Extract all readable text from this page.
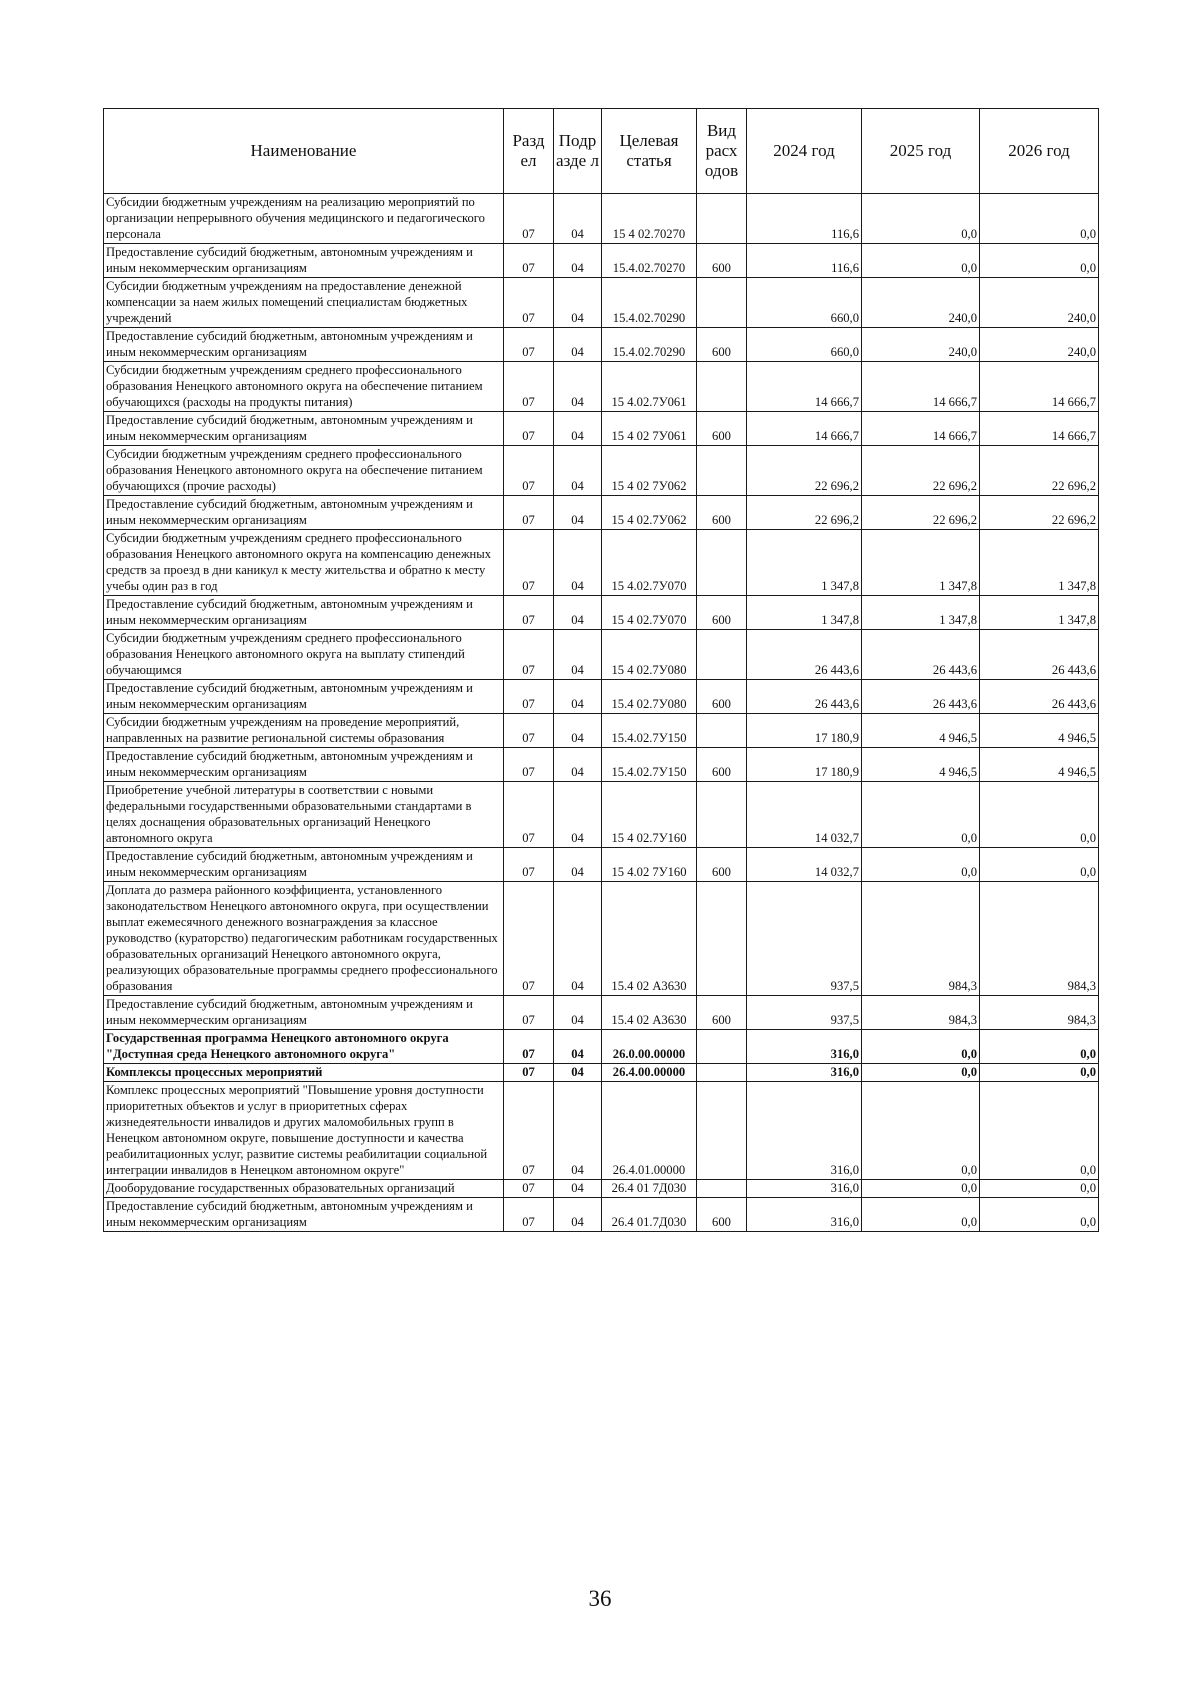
Наименование	Разд ел	Подр азде л	Целевая статья	Вид расх одов	2024 год	2025 год	2026 год
Субсидии бюджетным учреждениям на реализацию мероприятий по организации непрерывного обучения медицинского и педагогического персонала	07	04	15 4 02.70270		116,6	0,0	0,0
Предоставление субсидий бюджетным, автономным учреждениям и иным некоммерческим организациям	07	04	15.4.02.70270	600	116,6	0,0	0,0
Субсидии бюджетным учреждениям на предоставление денежной компенсации за наем жилых помещений специалистам бюджетных учреждений	07	04	15.4.02.70290		660,0	240,0	240,0
Предоставление субсидий бюджетным, автономным учреждениям и иным некоммерческим организациям	07	04	15.4.02.70290	600	660,0	240,0	240,0
Субсидии бюджетным учреждениям среднего профессионального образования Ненецкого автономного округа на обеспечение питанием обучающихся (расходы на продукты питания)	07	04	15 4.02.7У061		14 666,7	14 666,7	14 666,7
Предоставление субсидий бюджетным, автономным учреждениям и иным некоммерческим организациям	07	04	15 4 02 7У061	600	14 666,7	14 666,7	14 666,7
Субсидии бюджетным учреждениям среднего профессионального образования Ненецкого автономного округа на обеспечение питанием обучающихся (прочие расходы)	07	04	15 4 02 7У062		22 696,2	22 696,2	22 696,2
Предоставление субсидий бюджетным, автономным учреждениям и иным некоммерческим организациям	07	04	15 4 02.7У062	600	22 696,2	22 696,2	22 696,2
Субсидии бюджетным учреждениям среднего профессионального образования Ненецкого автономного округа на компенсацию денежных средств за проезд в дни каникул к месту жительства и обратно к месту учебы один раз в год	07	04	15 4.02.7У070		1 347,8	1 347,8	1 347,8
Предоставление субсидий бюджетным, автономным учреждениям и иным некоммерческим организациям	07	04	15 4 02.7У070	600	1 347,8	1 347,8	1 347,8
Субсидии бюджетным учреждениям среднего профессионального образования Ненецкого автономного округа на выплату стипендий обучающимся	07	04	15 4 02.7У080		26 443,6	26 443,6	26 443,6
Предоставление субсидий бюджетным, автономным учреждениям и иным некоммерческим организациям	07	04	15.4 02.7У080	600	26 443,6	26 443,6	26 443,6
Субсидии бюджетным учреждениям на проведение мероприятий, направленных на развитие региональной системы образования	07	04	15.4.02.7У150		17 180,9	4 946,5	4 946,5
Предоставление субсидий бюджетным, автономным учреждениям и иным некоммерческим организациям	07	04	15.4.02.7У150	600	17 180,9	4 946,5	4 946,5
Приобретение учебной литературы в соответствии с новыми федеральными государственными образовательными стандартами в целях доснащения образовательных организаций Ненецкого автономного округа	07	04	15 4 02.7У160		14 032,7	0,0	0,0
Предоставление субсидий бюджетным, автономным учреждениям и иным некоммерческим организациям	07	04	15 4.02 7У160	600	14 032,7	0,0	0,0
Доплата до размера районного коэффициента, установленного законодательством Ненецкого автономного округа, при осуществлении выплат ежемесячного денежного вознаграждения за классное руководство (кураторство) педагогическим работникам государственных образовательных организаций Ненецкого автономного округа, реализующих образовательные программы среднего профессионального образования	07	04	15.4 02 А3630		937,5	984,3	984,3
Предоставление субсидий бюджетным, автономным учреждениям и иным некоммерческим организациям	07	04	15.4 02 А3630	600	937,5	984,3	984,3
Государственная программа Ненецкого автономного округа "Доступная среда Ненецкого автономного округа"	07	04	26.0.00.00000		316,0	0,0	0,0
Комплексы процессных мероприятий	07	04	26.4.00.00000		316,0	0,0	0,0
Комплекс процессных мероприятий "Повышение уровня доступности приоритетных объектов и услуг в приоритетных сферах жизнедеятельности инвалидов и других маломобильных групп в Ненецком автономном округе, повышение доступности и качества реабилитационных услуг, развитие системы реабилитации социальной интеграции инвалидов в Ненецком автономном округе"	07	04	26.4.01.00000		316,0	0,0	0,0
Дооборудование государственных образовательных организаций	07	04	26.4 01 7Д030		316,0	0,0	0,0
Предоставление субсидий бюджетным, автономным учреждениям и иным некоммерческим организациям	07	04	26.4 01.7Д030	600	316,0	0,0	0,0
36
